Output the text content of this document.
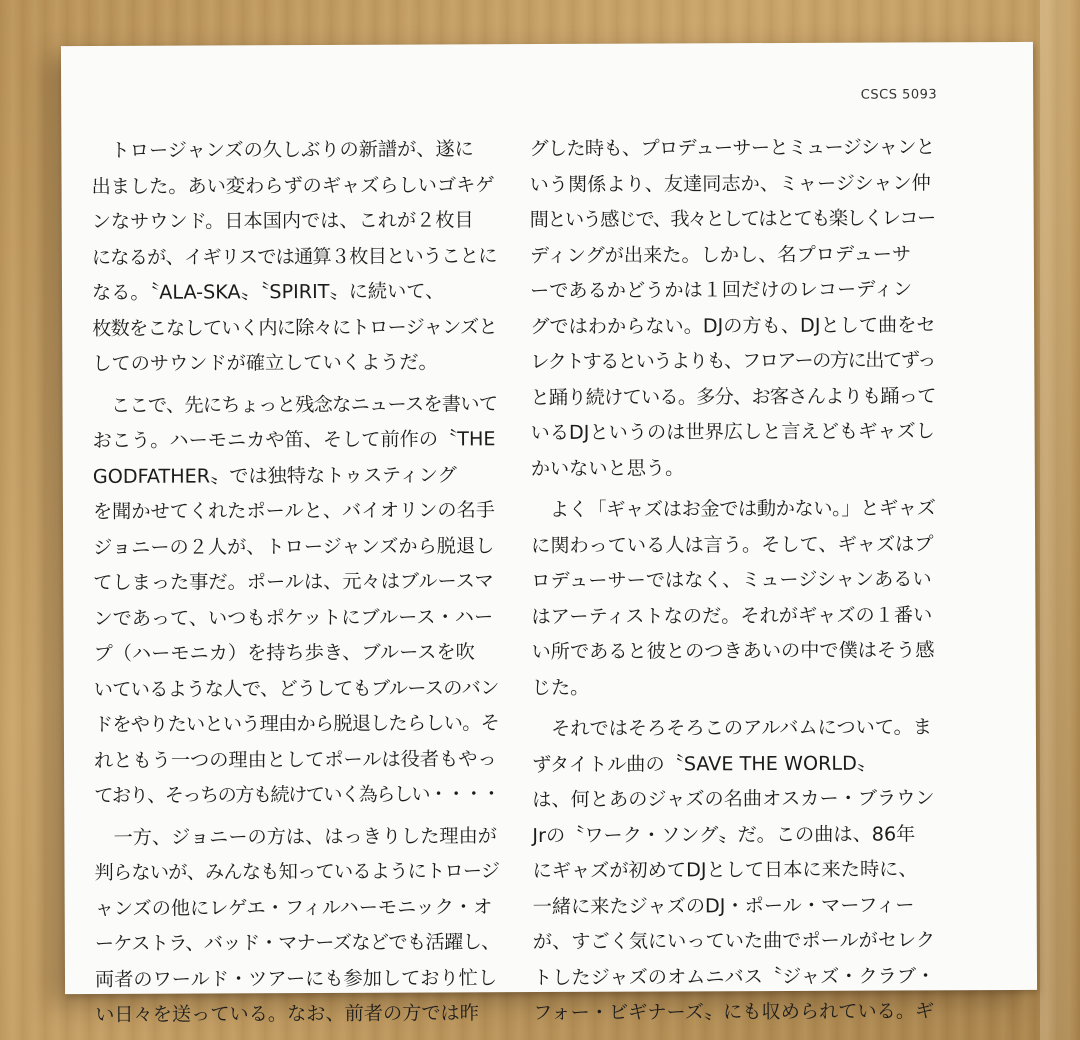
CSCS 5093
　トロージャンズの久しぶりの新譜が、遂に
出ました。あい変わらずのギャズらしいゴキゲ
ンなサウンド。日本国内では、これが２枚目
になるが、イギリスでは通算３枚目ということに
なる。〝ALA-SKA〟〝SPIRIT〟に続いて、
枚数をこなしていく内に除々にトロージャンズと
してのサウンドが確立していくようだ。
　ここで、先にちょっと残念なニュースを書いて
おこう。ハーモニカや笛、そして前作の〝THE
GODFATHER〟では独特なトゥスティング
を聞かせてくれたポールと、バイオリンの名手
ジョニーの２人が、トロージャンズから脱退し
てしまった事だ。ポールは、元々はブルースマ
ンであって、いつもポケットにブルース・ハー
プ（ハーモニカ）を持ち歩き、ブルースを吹
いているような人で、どうしてもブルースのバン
ドをやりたいという理由から脱退したらしい。そ
れともう一つの理由としてポールは役者もやっ
ており、そっちの方も続けていく為らしい・・・・
　一方、ジョニーの方は、はっきりした理由が
判らないが、みんなも知っているようにトロージ
ャンズの他にレゲエ・フィルハーモニック・オ
ーケストラ、バッド・マナーズなどでも活躍し、
両者のワールド・ツアーにも参加しており忙し
い日々を送っている。なお、前者の方では昨
グした時も、プロデューサーとミュージシャンと
いう関係より、友達同志か、ミャージシャン仲
間という感じで、我々としてはとても楽しくレコー
ディングが出来た。しかし、名プロデューサ
ーであるかどうかは１回だけのレコーディン
グではわからない。DJの方も、DJとして曲をセ
レクトするというよりも、フロアーの方に出てずっ
と踊り続けている。多分、お客さんよりも踊って
いるDJというのは世界広しと言えどもギャズし
かいないと思う。
　よく「ギャズはお金では動かない。」とギャズ
に関わっている人は言う。そして、ギャズはプ
ロデューサーではなく、ミュージシャンあるい
はアーティストなのだ。それがギャズの１番い
い所であると彼とのつきあいの中で僕はそう感
じた。
　それではそろそろこのアルバムについて。ま
ずタイトル曲の〝SAVE THE WORLD〟
は、何とあのジャズの名曲オスカー・ブラウン
Jrの〝ワーク・ソング〟だ。この曲は、86年
にギャズが初めてDJとして日本に来た時に、
一緒に来たジャズのDJ・ポール・マーフィー
が、すごく気にいっていた曲でポールがセレク
トしたジャズのオムニバス〝ジャズ・クラブ・
フォー・ビギナーズ〟にも収められている。ギ
